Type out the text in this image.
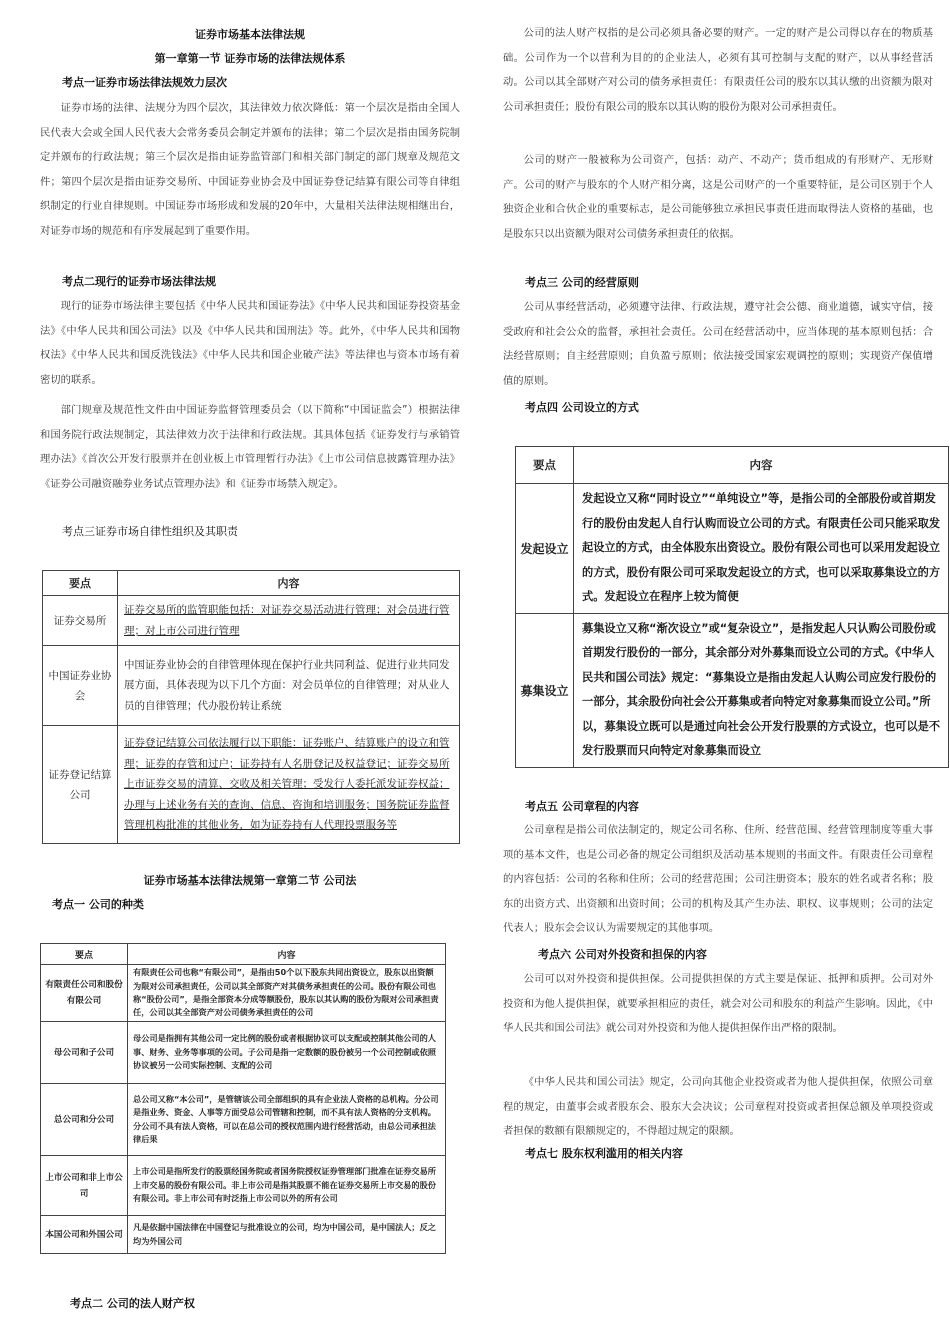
证券市场基本法律法规
第一章第一节 证券市场的法律法规体系
考点一证券市场法律法规效力层次

证券市场的法律、法规分为四个层次，其法律效力依次降低：第一个层次是指由全国人民代表大会或全国人民代表大会常务委员会制定并颁布的法律；第二个层次是指由国务院制定并颁布的行政法规；第三个层次是指由证券监管部门和相关部门制定的部门规章及规范文件；第四个层次是指由证券交易所、中国证券业协会及中国证券登记结算有限公司等自律组织制定的行业自律规则。中国证券市场形成和发展的20年中，大量相关法律法规相继出台，对证券市场的规范和有序发展起到了重要作用。

考点二现行的证券市场法律法规

现行的证券市场法律主要包括《中华人民共和国证券法》《中华人民共和国证券投资基金法》《中华人民共和国公司法》以及《中华人民共和国刑法》等。此外，《中华人民共和国物权法》《中华人民共和国反洗钱法》《中华人民共和国企业破产法》等法律也与资本市场有着密切的联系。

部门规章及规范性文件由中国证券监督管理委员会（以下简称“中国证监会”）根据法律和国务院行政法规制定，其法律效力次于法律和行政法规。其具体包括《证券发行与承销管理办法》《首次公开发行股票并在创业板上市管理暂行办法》《上市公司信息披露管理办法》《证券公司融资融券业务试点管理办法》和《证券市场禁入规定》。

考点三证券市场自律性组织及其职责
要点	内容
证券交易所	证券交易所的监管职能包括：对证券交易活动进行管理；对会员进行管理；对上市公司进行管理
中国证券业协会	中国证券业协会的自律管理体现在保护行业共同利益、促进行业共同发展方面，具体表现为以下几个方面：对会员单位的自律管理；对从业人员的自律管理；代办股份转让系统
证券登记结算公司	证券登记结算公司依法履行以下职能：证券账户、结算账户的设立和管理；证券的存管和过户；证券持有人名册登记及权益登记；证券交易所上市证券交易的清算、交收及相关管理；受发行人委托派发证券权益；办理与上述业务有关的查询、信息、咨询和培训服务；国务院证券监督管理机构批准的其他业务，如为证券持有人代理投票服务等
证券市场基本法律法规第一章第二节 公司法
考点一 公司的种类
要点	内容
有限责任公司和股份有限公司	有限责任公司也称“有限公司”，是指由50个以下股东共同出资设立，股东以出资额为限对公司承担责任，公司以其全部资产对其债务承担责任的公司。股份有限公司也称“股份公司”，是指全部资本分成等额股份，股东以其认购的股份为限对公司承担责任，公司以其全部资产对公司债务承担责任的公司
母公司和子公司	母公司是指拥有其他公司一定比例的股份或者根据协议可以支配或控制其他公司的人事、财务、业务等事项的公司。子公司是指一定数额的股份被另一个公司控制或依照协议被另一公司实际控制、支配的公司
总公司和分公司	总公司又称“本公司”，是管辖该公司全部组织的具有企业法人资格的总机构。分公司是指业务、资金、人事等方面受总公司管辖和控制，而不具有法人资格的分支机构。分公司不具有法人资格，可以在总公司的授权范围内进行经营活动，由总公司承担法律后果
上市公司和非上市公司	上市公司是指所发行的股票经国务院或者国务院授权证券管理部门批准在证券交易所上市交易的股份有限公司。非上市公司是指其股票不能在证券交易所上市交易的股份有限公司。非上市公司有时泛指上市公司以外的所有公司
本国公司和外国公司	凡是依据中国法律在中国登记与批准设立的公司，均为中国公司，是中国法人；反之均为外国公司
考点二 公司的法人财产权

公司的法人财产权指的是公司必须具备必要的财产。一定的财产是公司得以存在的物质基础。公司作为一个以营利为目的的企业法人，必须有其可控制与支配的财产，以从事经营活动。公司以其全部财产对公司的债务承担责任：有限责任公司的股东以其认缴的出资额为限对公司承担责任；股份有限公司的股东以其认购的股份为限对公司承担责任。

公司的财产一般被称为公司资产，包括：动产、不动产；货币组成的有形财产、无形财产。公司的财产与股东的个人财产相分离，这是公司财产的一个重要特征，是公司区别于个人独资企业和合伙企业的重要标志，是公司能够独立承担民事责任进而取得法人资格的基础，也是股东只以出资额为限对公司债务承担责任的依据。

考点三 公司的经营原则

公司从事经营活动，必须遵守法律、行政法规，遵守社会公德、商业道德，诚实守信，接受政府和社会公众的监督，承担社会责任。公司在经营活动中，应当体现的基本原则包括：合法经营原则；自主经营原则；自负盈亏原则；依法接受国家宏观调控的原则；实现资产保值增值的原则。

考点四 公司设立的方式
要点	内容
发起设立	发起设立又称“同时设立”“单纯设立”等，是指公司的全部股份或首期发行的股份由发起人自行认购而设立公司的方式。有限责任公司只能采取发起设立的方式，由全体股东出资设立。股份有限公司也可以采用发起设立的方式，股份有限公司可采取发起设立的方式，也可以采取募集设立的方式。发起设立在程序上较为简便
募集设立	募集设立又称“渐次设立”或“复杂设立”，是指发起人只认购公司股份或首期发行股份的一部分，其余部分对外募集而设立公司的方式。《中华人民共和国公司法》规定：“募集设立是指由发起人认购公司应发行股份的一部分，其余股份向社会公开募集或者向特定对象募集而设立公司。”所以，募集设立既可以是通过向社会公开发行股票的方式设立，也可以是不发行股票而只向特定对象募集而设立
考点五 公司章程的内容

公司章程是指公司依法制定的，规定公司名称、住所、经营范围、经营管理制度等重大事项的基本文件，也是公司必备的规定公司组织及活动基本规则的书面文件。有限责任公司章程的内容包括：公司的名称和住所；公司的经营范围；公司注册资本；股东的姓名或者名称；股东的出资方式、出资额和出资时间；公司的机构及其产生办法、职权、议事规则；公司的法定代表人；股东会会议认为需要规定的其他事项。

考点六 公司对外投资和担保的内容

公司可以对外投资和提供担保。公司提供担保的方式主要是保证、抵押和质押。公司对外投资和为他人提供担保，就要承担相应的责任，就会对公司和股东的利益产生影响。因此，《中华人民共和国公司法》就公司对外投资和为他人提供担保作出严格的限制。

《中华人民共和国公司法》规定，公司向其他企业投资或者为他人提供担保，依照公司章程的规定，由董事会或者股东会、股东大会决议；公司章程对投资或者担保总额及单项投资或者担保的数额有限额规定的，不得超过规定的限额。

考点七 股东权利滥用的相关内容
